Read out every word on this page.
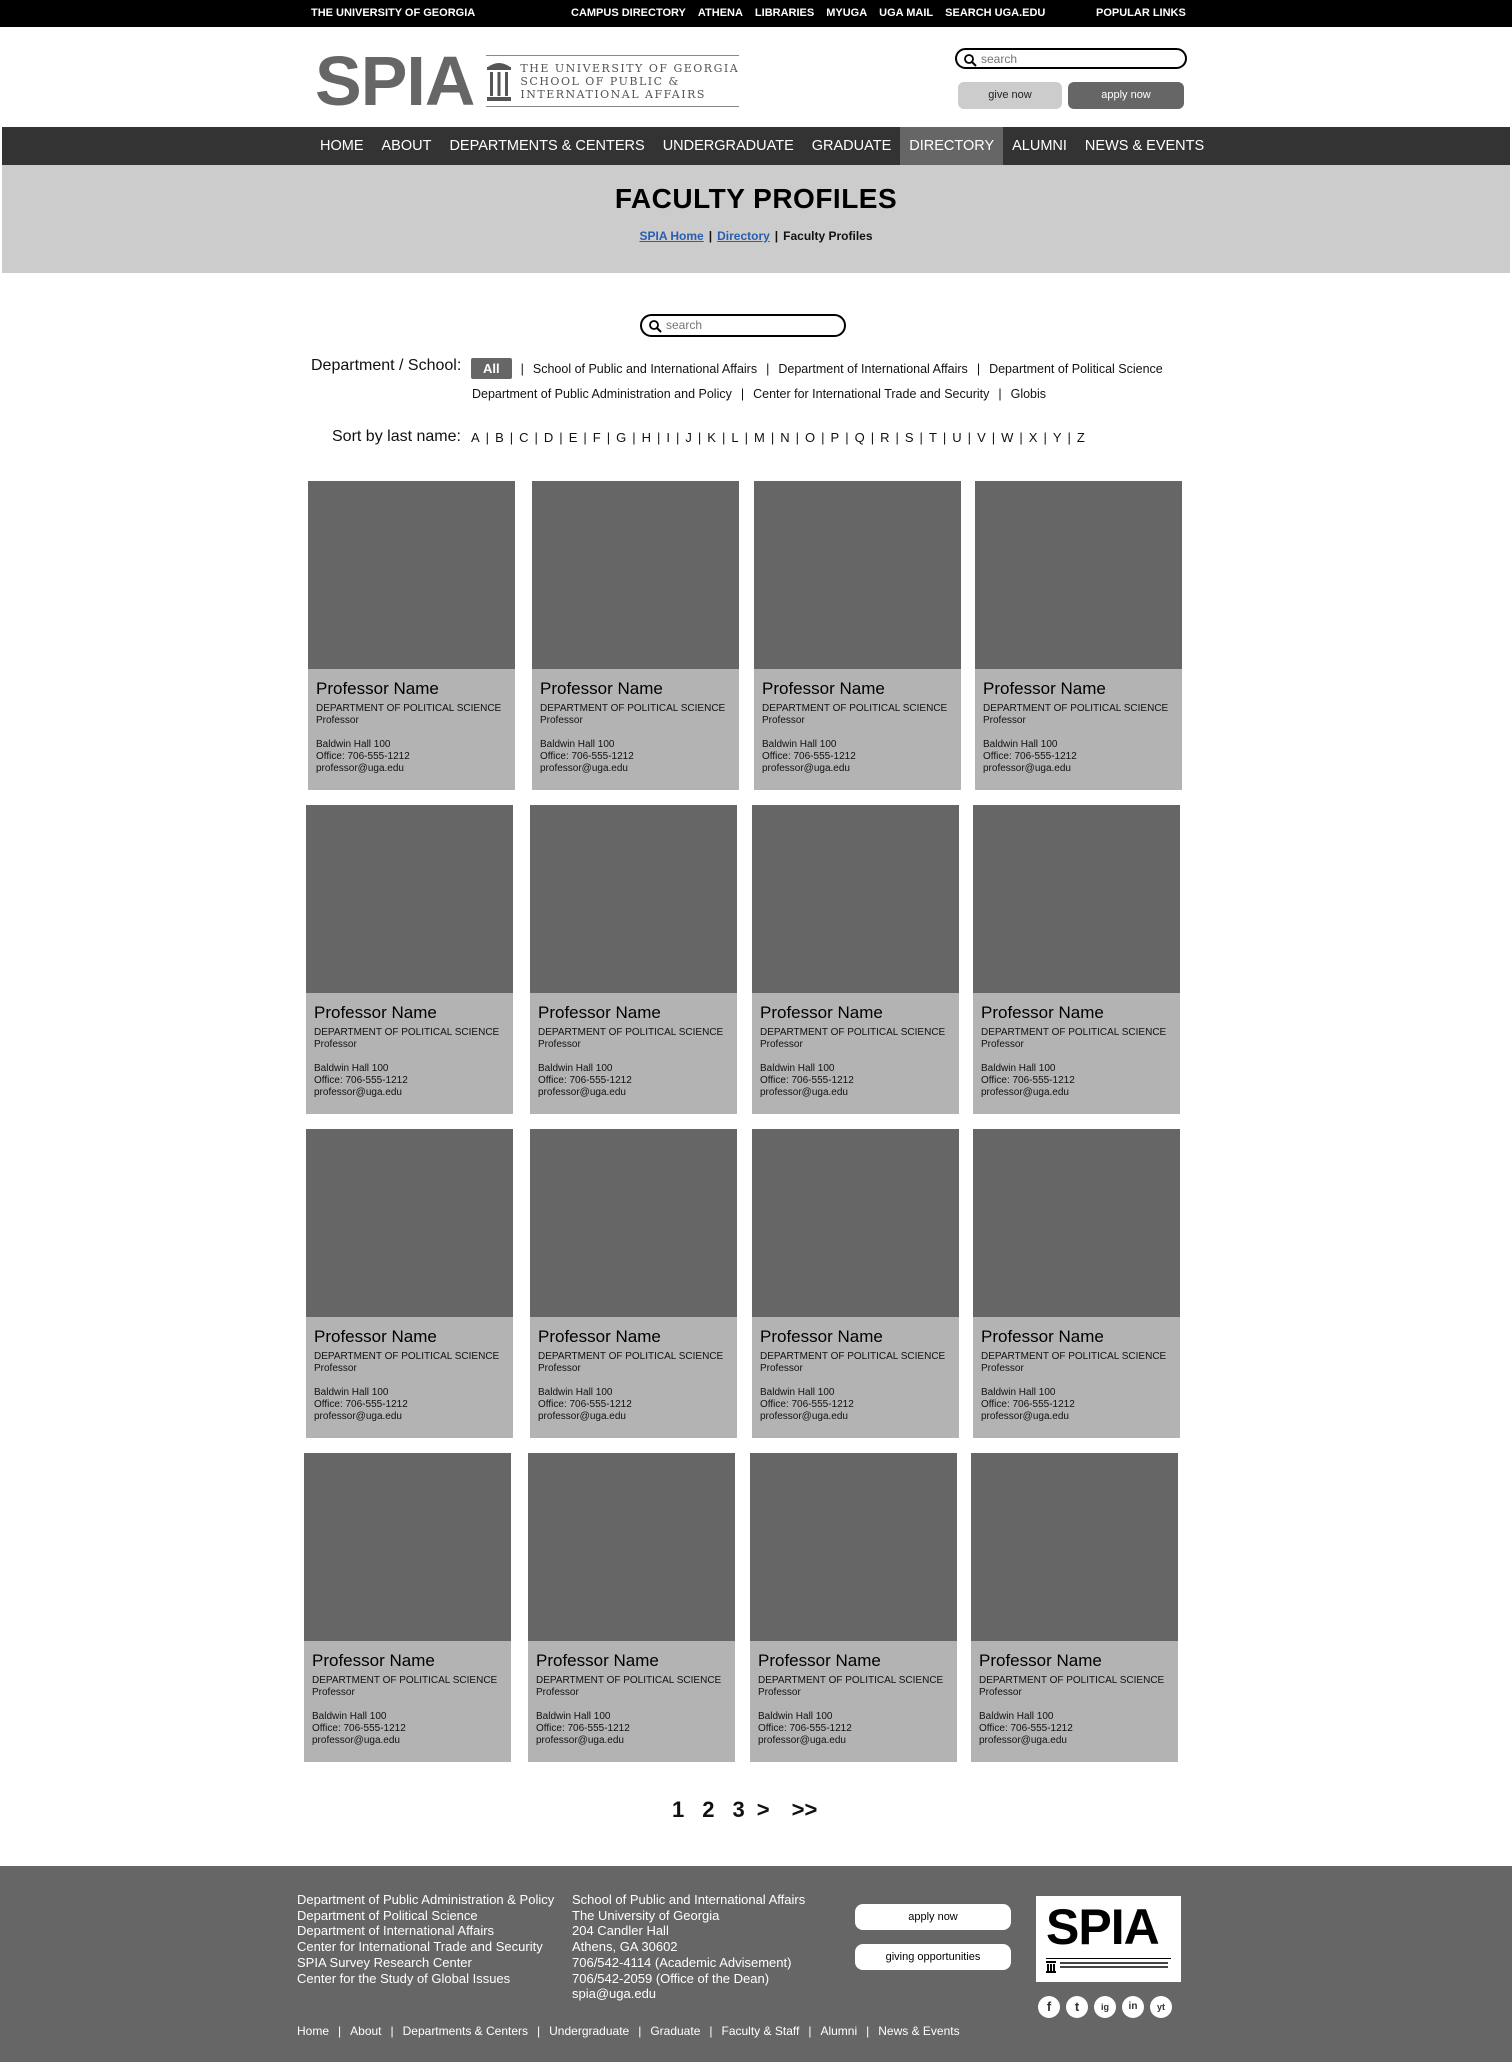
THE UNIVERSITY OF GEORGIA	CAMPUS DIRECTORY ATHENA LIBRARIES MYUGA UGA MAIL SEARCH UGA.EDU	POPULAR LINKS
SPIA	THE UNIVERSITY OF GEORGIA
SCHOOL OF PUBLIC &
INTERNATIONAL AFFAIRS
search	give now	apply now
HOME	ABOUT	DEPARTMENTS & CENTERS	UNDERGRADUATE	GRADUATE	DIRECTORY	ALUMNI	NEWS & EVENTS
FACULTY PROFILES
SPIA Home | Directory | Faculty Profiles
search
Department / School:	All	| School of Public and International Affairs | Department of International Affairs | Department of Political Science
Department of Public Administration and Policy | Center for International Trade and Security | Globis
Sort by last name: A | B | C | D | E | F | G | H | I | J | K | L | M | N | O | P | Q | R | S | T | U | V | W | X | Y | Z
Professor Name
DEPARTMENT OF POLITICAL SCIENCE
Professor
Baldwin Hall 100
Office: 706-555-1212
professor@uga.edu
Professor Name
DEPARTMENT OF POLITICAL SCIENCE
Professor
Baldwin Hall 100
Office: 706-555-1212
professor@uga.edu
Professor Name
DEPARTMENT OF POLITICAL SCIENCE
Professor
Baldwin Hall 100
Office: 706-555-1212
professor@uga.edu
Professor Name
DEPARTMENT OF POLITICAL SCIENCE
Professor
Baldwin Hall 100
Office: 706-555-1212
professor@uga.edu
Professor Name
DEPARTMENT OF POLITICAL SCIENCE
Professor
Baldwin Hall 100
Office: 706-555-1212
professor@uga.edu
Professor Name
DEPARTMENT OF POLITICAL SCIENCE
Professor
Baldwin Hall 100
Office: 706-555-1212
professor@uga.edu
Professor Name
DEPARTMENT OF POLITICAL SCIENCE
Professor
Baldwin Hall 100
Office: 706-555-1212
professor@uga.edu
Professor Name
DEPARTMENT OF POLITICAL SCIENCE
Professor
Baldwin Hall 100
Office: 706-555-1212
professor@uga.edu
Professor Name
DEPARTMENT OF POLITICAL SCIENCE
Professor
Baldwin Hall 100
Office: 706-555-1212
professor@uga.edu
Professor Name
DEPARTMENT OF POLITICAL SCIENCE
Professor
Baldwin Hall 100
Office: 706-555-1212
professor@uga.edu
Professor Name
DEPARTMENT OF POLITICAL SCIENCE
Professor
Baldwin Hall 100
Office: 706-555-1212
professor@uga.edu
Professor Name
DEPARTMENT OF POLITICAL SCIENCE
Professor
Baldwin Hall 100
Office: 706-555-1212
professor@uga.edu
Professor Name
DEPARTMENT OF POLITICAL SCIENCE
Professor
Baldwin Hall 100
Office: 706-555-1212
professor@uga.edu
Professor Name
DEPARTMENT OF POLITICAL SCIENCE
Professor
Baldwin Hall 100
Office: 706-555-1212
professor@uga.edu
Professor Name
DEPARTMENT OF POLITICAL SCIENCE
Professor
Baldwin Hall 100
Office: 706-555-1212
professor@uga.edu
Professor Name
DEPARTMENT OF POLITICAL SCIENCE
Professor
Baldwin Hall 100
Office: 706-555-1212
professor@uga.edu
1 2 3 > >>
Department of Public Administration & Policy
Department of Political Science
Department of International Affairs
Center for International Trade and Security
SPIA Survey Research Center
Center for the Study of Global Issues
School of Public and International Affairs
The University of Georgia
204 Candler Hall
Athens, GA 30602
706/542-4114 (Academic Advisement)
706/542-2059 (Office of the Dean)
spia@uga.edu
apply now
giving opportunities
SPIA
f	t	ig	in	yt
Home | About | Departments & Centers | Undergraduate | Graduate | Faculty & Staff | Alumni | News & Events
